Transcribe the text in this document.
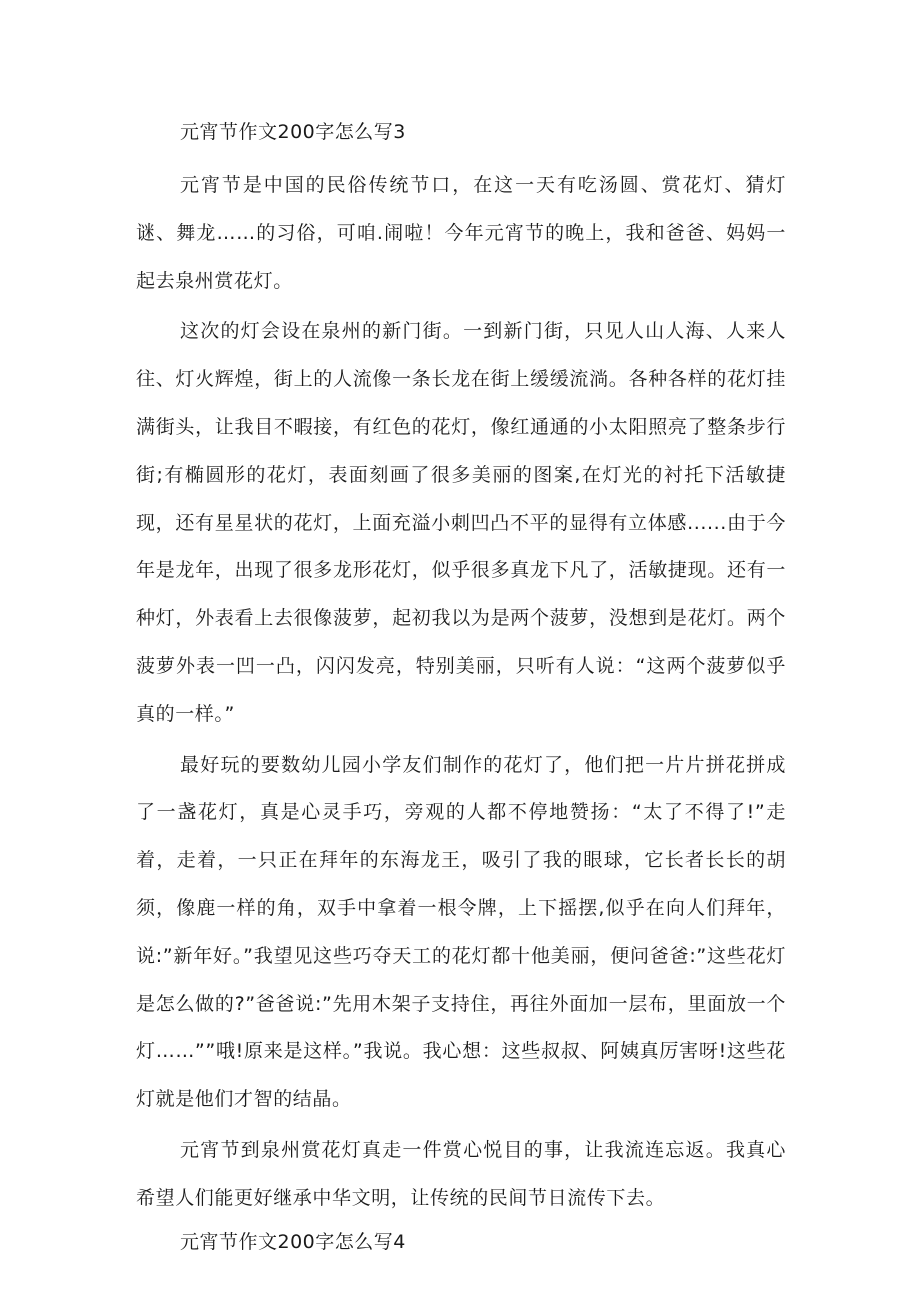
元宵节作文200字怎么写3

元宵节是中国的民俗传统节口，在这一天有吃汤圆、赏花灯、猜灯谜、舞龙……的习俗，可咱.闹啦！今年元宵节的晚上，我和爸爸、妈妈一起去泉州赏花灯。

这次的灯会设在泉州的新门街。一到新门街，只见人山人海、人来人往、灯火辉煌，街上的人流像一条长龙在街上缓缓流淌。各种各样的花灯挂满街头，让我目不暇接，有红色的花灯，像红通通的小太阳照亮了整条步行街;有椭圆形的花灯，表面刻画了很多美丽的图案,在灯光的衬托下活敏捷现，还有星星状的花灯，上面充溢小刺凹凸不平的显得有立体感......由于今年是龙年，出现了很多龙形花灯，似乎很多真龙下凡了，活敏捷现。还有一种灯，外表看上去很像菠萝，起初我以为是两个菠萝，没想到是花灯。两个菠萝外表一凹一凸，闪闪发亮，特别美丽，只听有人说：“这两个菠萝似乎真的一样。”

最好玩的要数幼儿园小学友们制作的花灯了，他们把一片片拼花拼成了一盏花灯，真是心灵手巧，旁观的人都不停地赞扬：“太了不得了!”走着，走着，一只正在拜年的东海龙王，吸引了我的眼球，它长者长长的胡须，像鹿一样的角，双手中拿着一根令牌，上下摇摆,似乎在向人们拜年，说:”新年好。”我望见这些巧夺天工的花灯都十他美丽，便问爸爸:”这些花灯是怎么做的?”爸爸说:”先用木架子支持住，再往外面加一层布，里面放一个灯……””哦!原来是这样。”我说。我心想：这些叔叔、阿姨真厉害呀!这些花灯就是他们才智的结晶。

元宵节到泉州赏花灯真走一件赏心悦目的事，让我流连忘返。我真心希望人们能更好继承中华文明，让传统的民间节日流传下去。

元宵节作文200字怎么写4
